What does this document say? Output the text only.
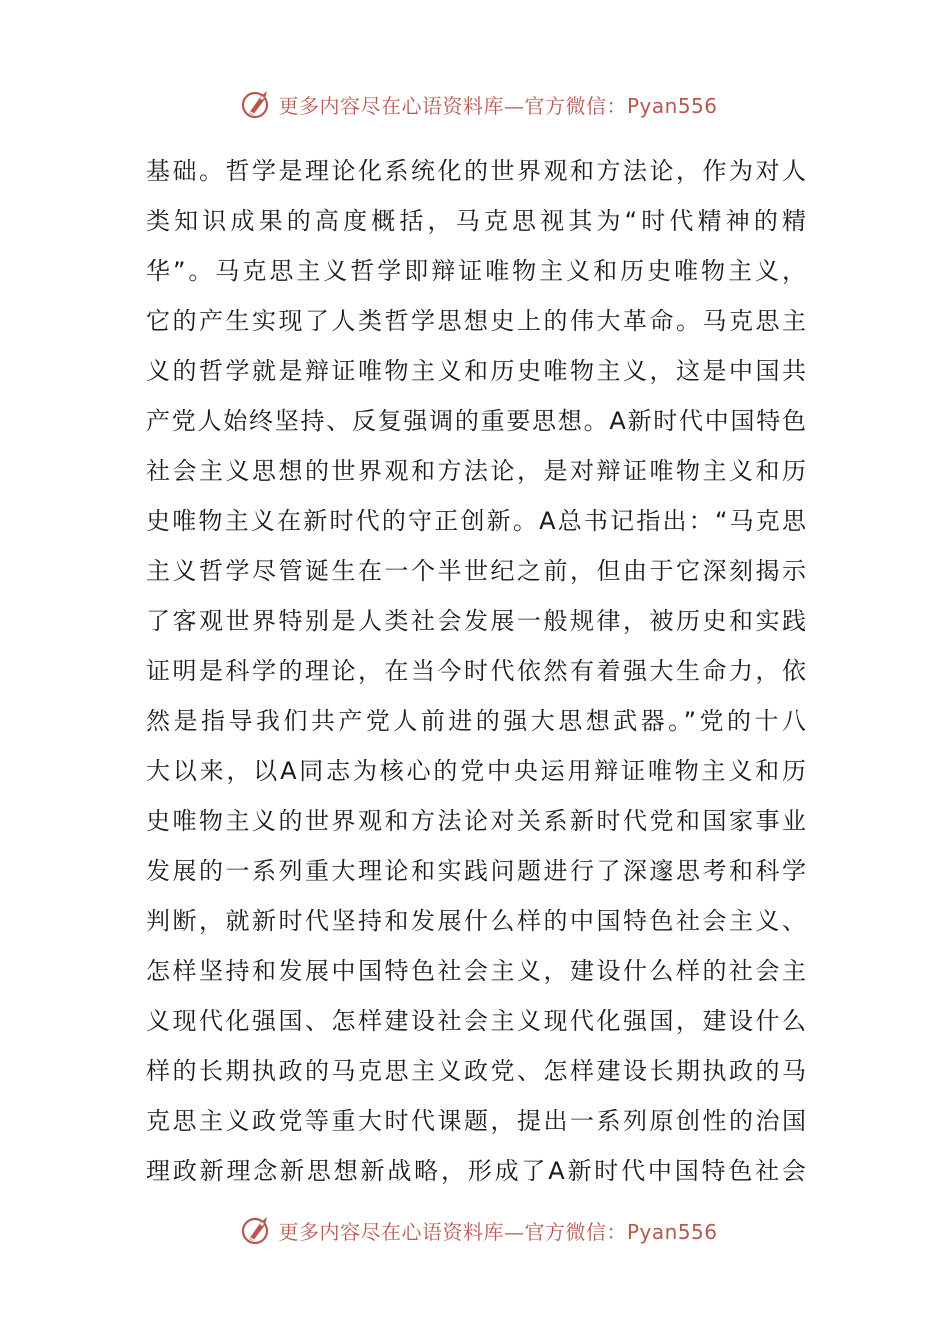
更多内容尽在心语资料库—官方微信：Pyan556
基础。哲学是理论化系统化的世界观和方法论，作为对人
类知识成果的高度概括，马克思视其为“时代精神的精
华”。马克思主义哲学即辩证唯物主义和历史唯物主义，
它的产生实现了人类哲学思想史上的伟大革命。马克思主
义的哲学就是辩证唯物主义和历史唯物主义，这是中国共
产党人始终坚持、反复强调的重要思想。A新时代中国特色
社会主义思想的世界观和方法论，是对辩证唯物主义和历
史唯物主义在新时代的守正创新。A总书记指出：“马克思
主义哲学尽管诞生在一个半世纪之前，但由于它深刻揭示
了客观世界特别是人类社会发展一般规律，被历史和实践
证明是科学的理论，在当今时代依然有着强大生命力，依
然是指导我们共产党人前进的强大思想武器。”党的十八
大以来，以A同志为核心的党中央运用辩证唯物主义和历
史唯物主义的世界观和方法论对关系新时代党和国家事业
发展的一系列重大理论和实践问题进行了深邃思考和科学
判断，就新时代坚持和发展什么样的中国特色社会主义、
怎样坚持和发展中国特色社会主义，建设什么样的社会主
义现代化强国、怎样建设社会主义现代化强国，建设什么
样的长期执政的马克思主义政党、怎样建设长期执政的马
克思主义政党等重大时代课题，提出一系列原创性的治国
理政新理念新思想新战略，形成了A新时代中国特色社会
更多内容尽在心语资料库—官方微信：Pyan556
